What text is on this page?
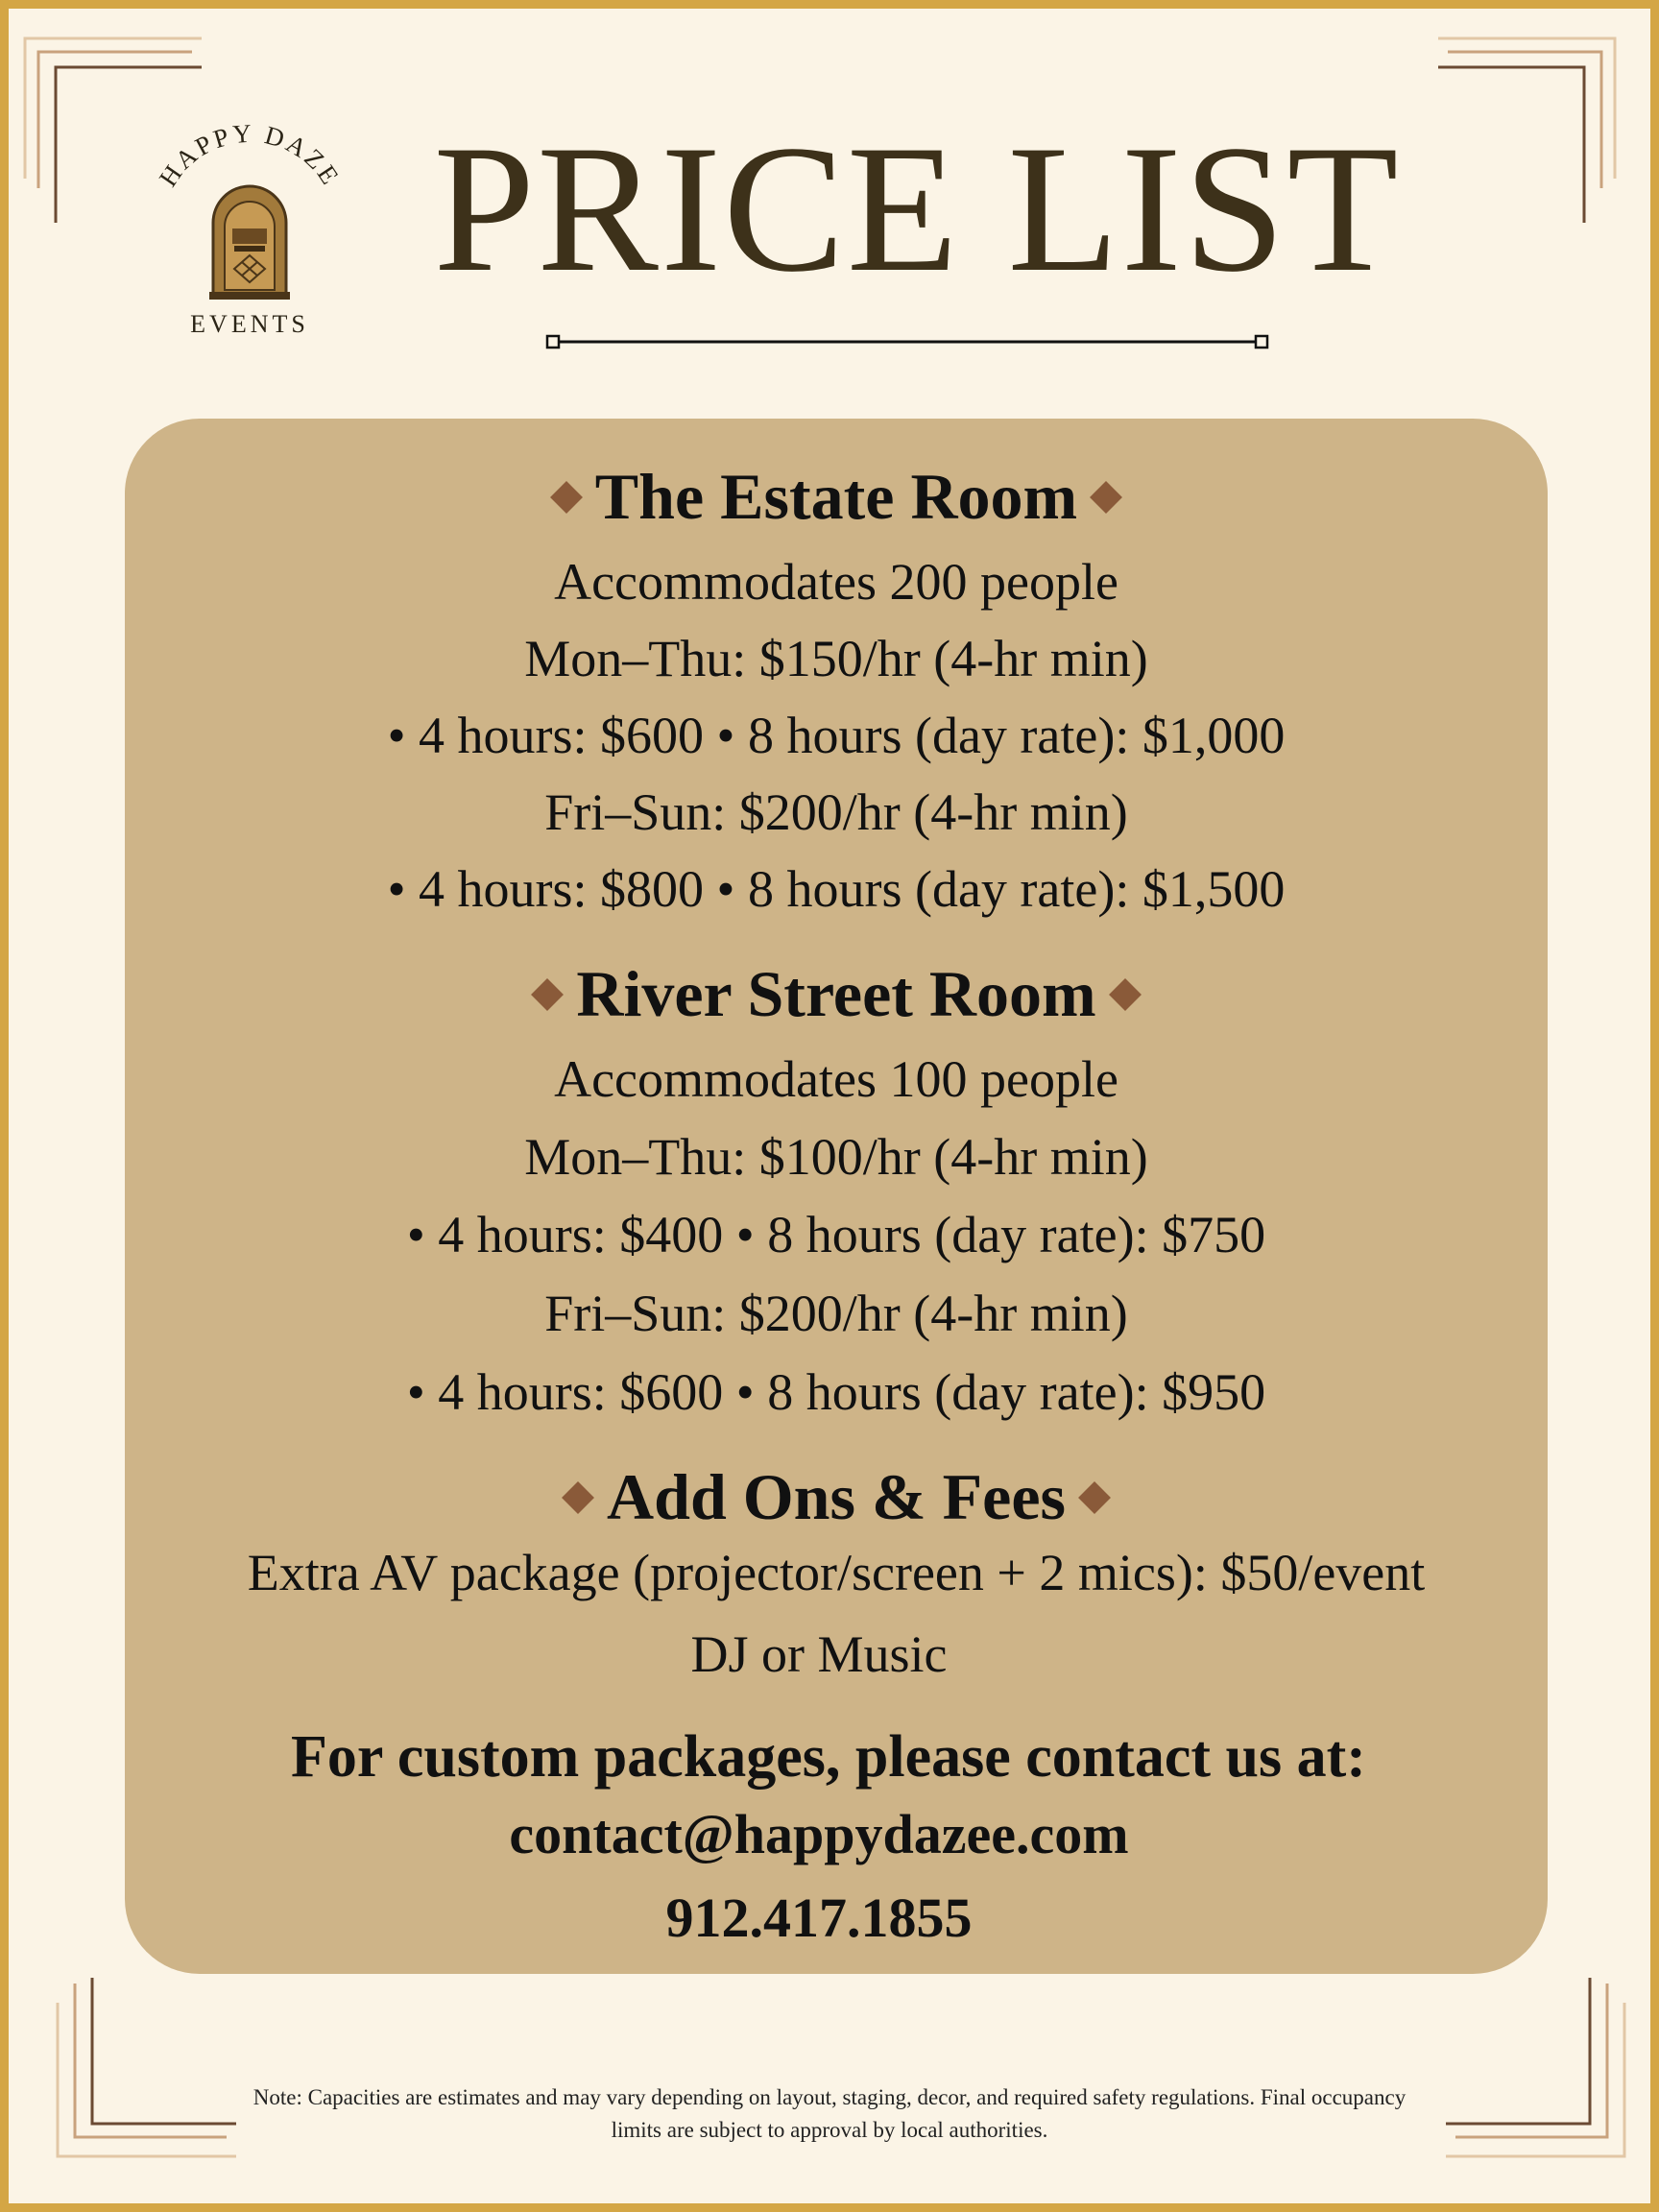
HAPPY DAZE
EVENTS
PRICE LIST
The Estate Room
Accommodates 200 people
Mon–Thu: $150/hr (4-hr min)
• 4 hours: $600 • 8 hours (day rate): $1,000
Fri–Sun: $200/hr (4-hr min)
• 4 hours: $800 • 8 hours (day rate): $1,500
River Street Room
Accommodates 100 people
Mon–Thu: $100/hr (4-hr min)
• 4 hours: $400 • 8 hours (day rate): $750
Fri–Sun: $200/hr (4-hr min)
• 4 hours: $600 • 8 hours (day rate): $950
Add Ons & Fees
Extra AV package (projector/screen + 2 mics): $50/event
DJ or Music
For custom packages, please contact us at:
contact@happydazee.com
912.417.1855
Note: Capacities are estimates and may vary depending on layout, staging, decor, and required safety regulations. Final occupancy limits are subject to approval by local authorities.
